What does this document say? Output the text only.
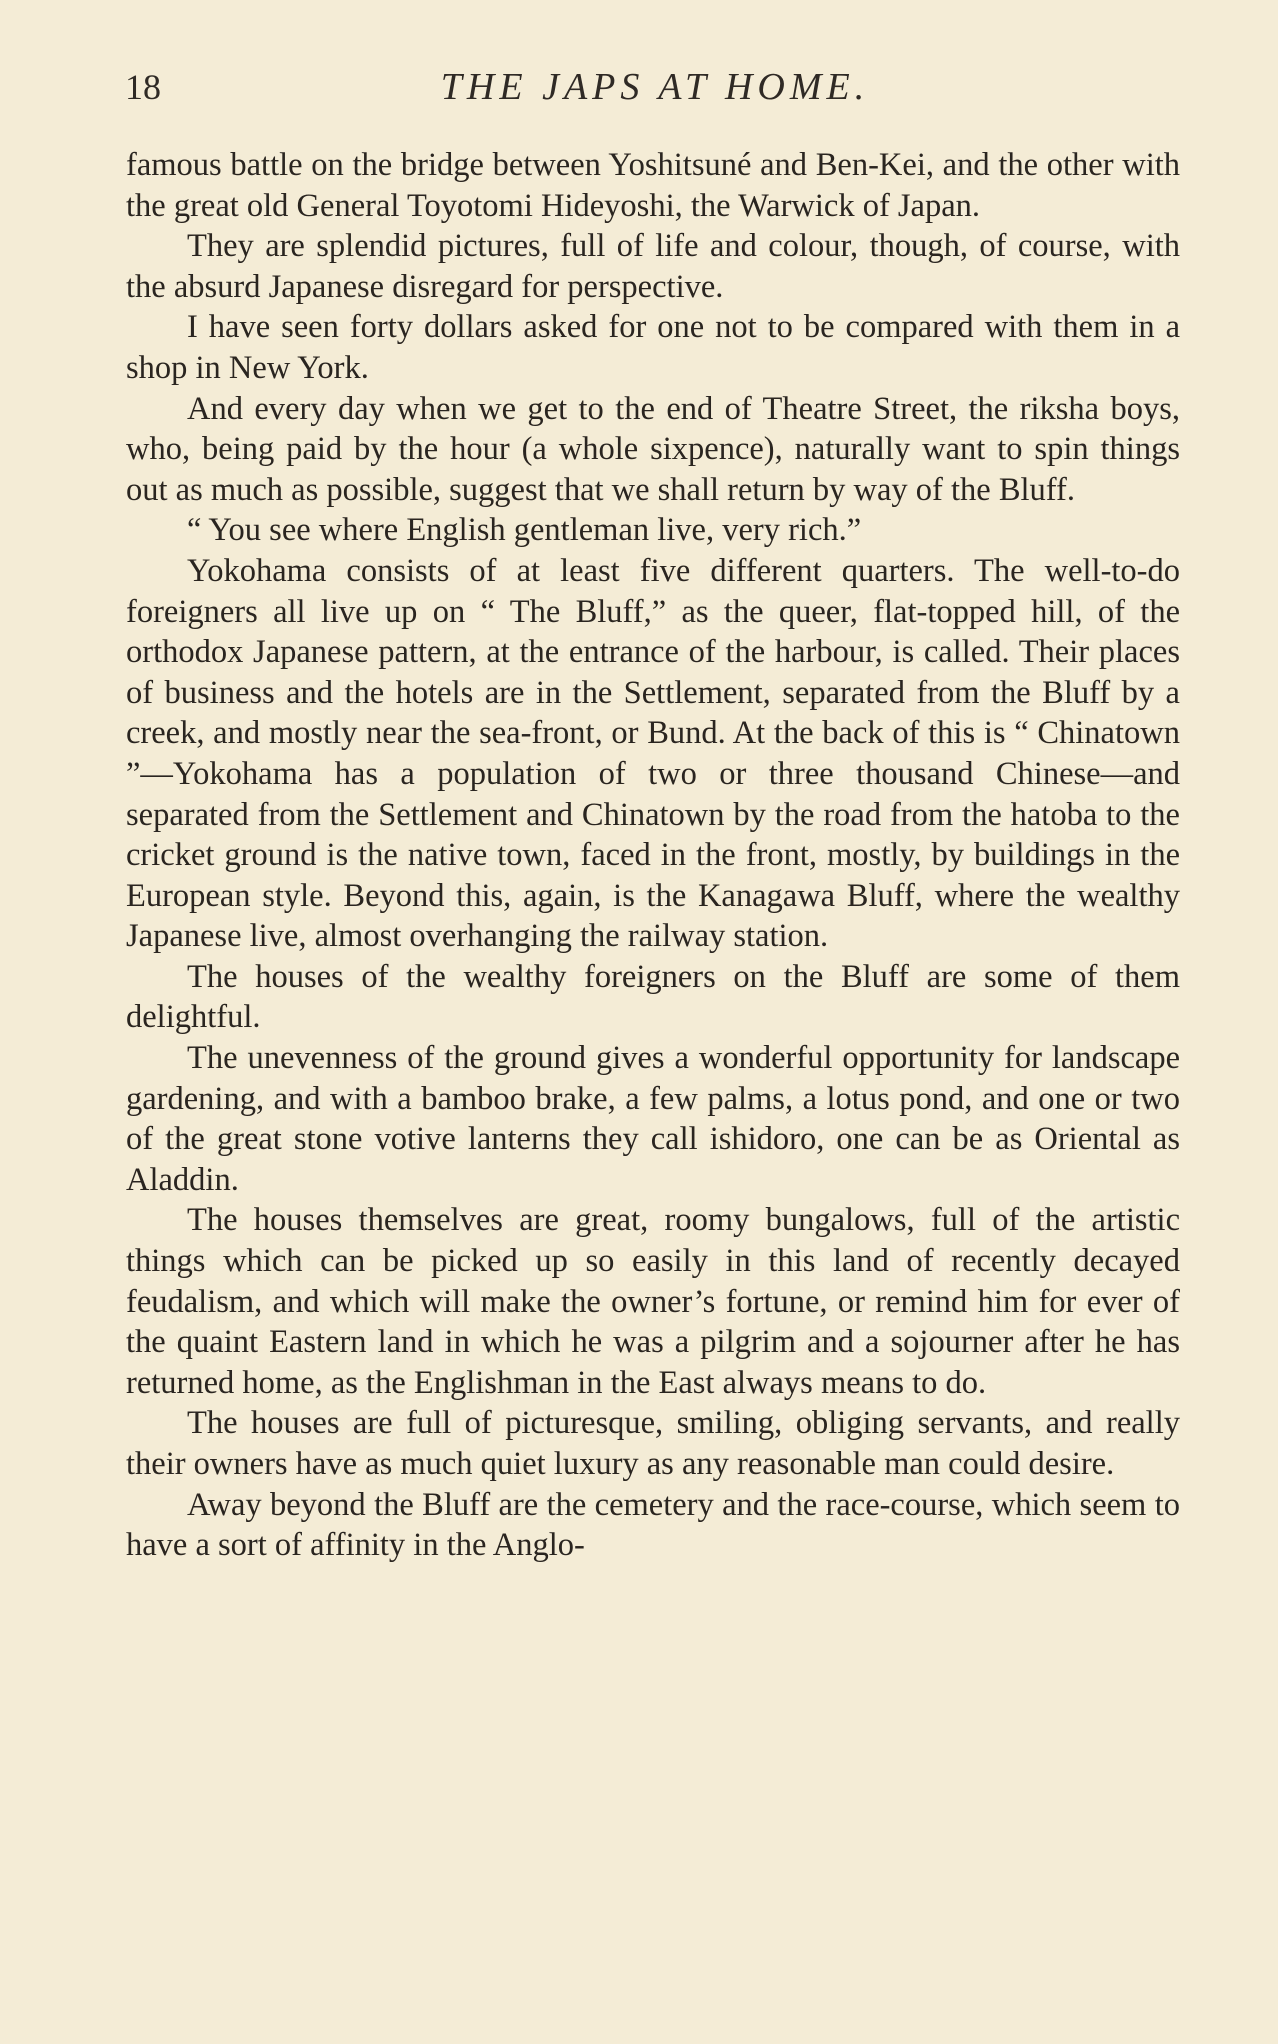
18	THE JAPS AT HOME.

famous battle on the bridge between Yoshitsuné and Ben-Kei, and the other with the great old General Toyotomi Hideyoshi, the Warwick of Japan.

They are splendid pictures, full of life and colour, though, of course, with the absurd Japanese disregard for perspective.

I have seen forty dollars asked for one not to be compared with them in a shop in New York.

And every day when we get to the end of Theatre Street, the riksha boys, who, being paid by the hour (a whole sixpence), naturally want to spin things out as much as possible, suggest that we shall return by way of the Bluff.

“ You see where English gentleman live, very rich.”

Yokohama consists of at least five different quarters. The well-to-do foreigners all live up on “ The Bluff,” as the queer, flat-topped hill, of the orthodox Japanese pattern, at the entrance of the harbour, is called. Their places of business and the hotels are in the Settlement, separated from the Bluff by a creek, and mostly near the sea-front, or Bund. At the back of this is “ Chinatown ”—Yokohama has a population of two or three thousand Chinese—and separated from the Settlement and Chinatown by the road from the hatoba to the cricket ground is the native town, faced in the front, mostly, by buildings in the European style. Beyond this, again, is the Kanagawa Bluff, where the wealthy Japanese live, almost overhanging the railway station.

The houses of the wealthy foreigners on the Bluff are some of them delightful.

The unevenness of the ground gives a wonderful opportunity for landscape gardening, and with a bamboo brake, a few palms, a lotus pond, and one or two of the great stone votive lanterns they call ishidoro, one can be as Oriental as Aladdin.

The houses themselves are great, roomy bungalows, full of the artistic things which can be picked up so easily in this land of recently decayed feudalism, and which will make the owner’s fortune, or remind him for ever of the quaint Eastern land in which he was a pilgrim and a sojourner after he has returned home, as the Englishman in the East always means to do.

The houses are full of picturesque, smiling, obliging servants, and really their owners have as much quiet luxury as any reasonable man could desire.

Away beyond the Bluff are the cemetery and the race-course, which seem to have a sort of affinity in the Anglo-
